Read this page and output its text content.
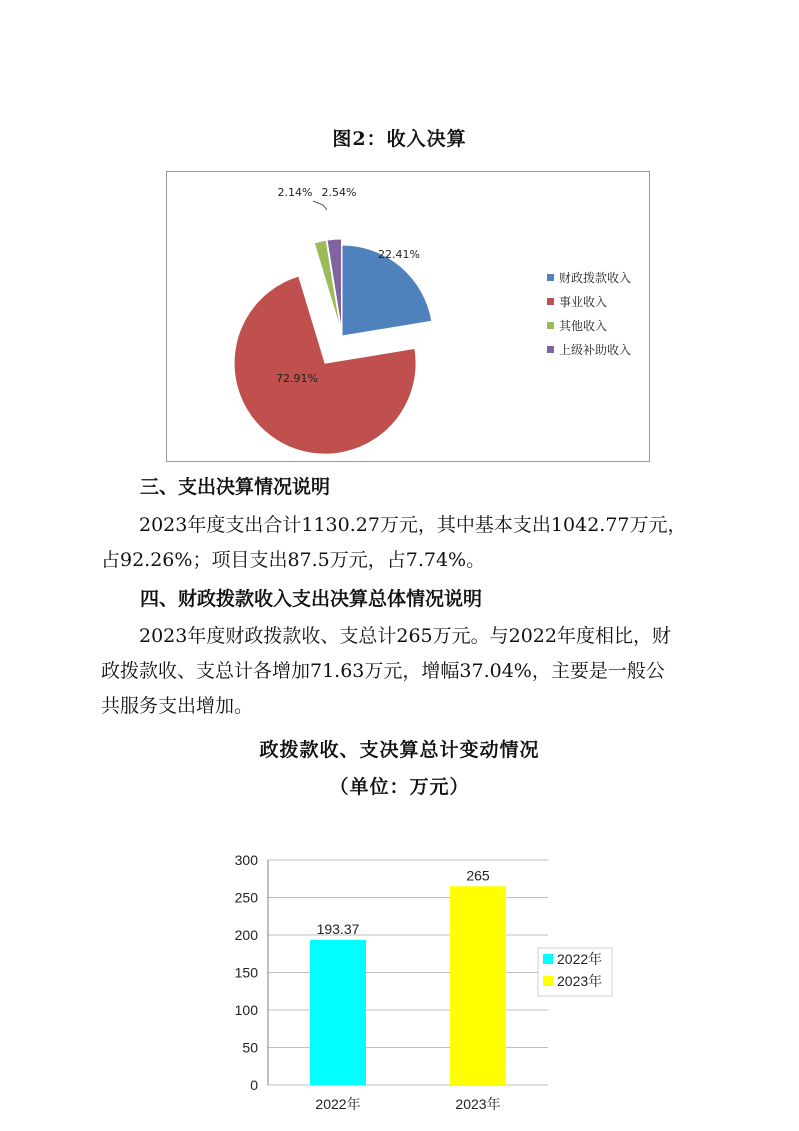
图2：收入决算
22.41%
72.91%
2.14% 2.54%
财政拨款收入
事业收入
其他收入
上级补助收入
三、支出决算情况说明
2023年度支出合计1130.27万元，其中基本支出1042.77万元，
占92.26%；项目支出87.5万元，占7.74%。
四、财政拨款收入支出决算总体情况说明
2023年度财政拨款收、支总计265万元。与2022年度相比，财
政拨款收、支总计各增加71.63万元，增幅37.04%，主要是一般公
共服务支出增加。
政拨款收、支决算总计变动情况
（单位：万元）
0
50
100
150
200
250
300
193.37
2022年
265
2023年
2022年
2023年
